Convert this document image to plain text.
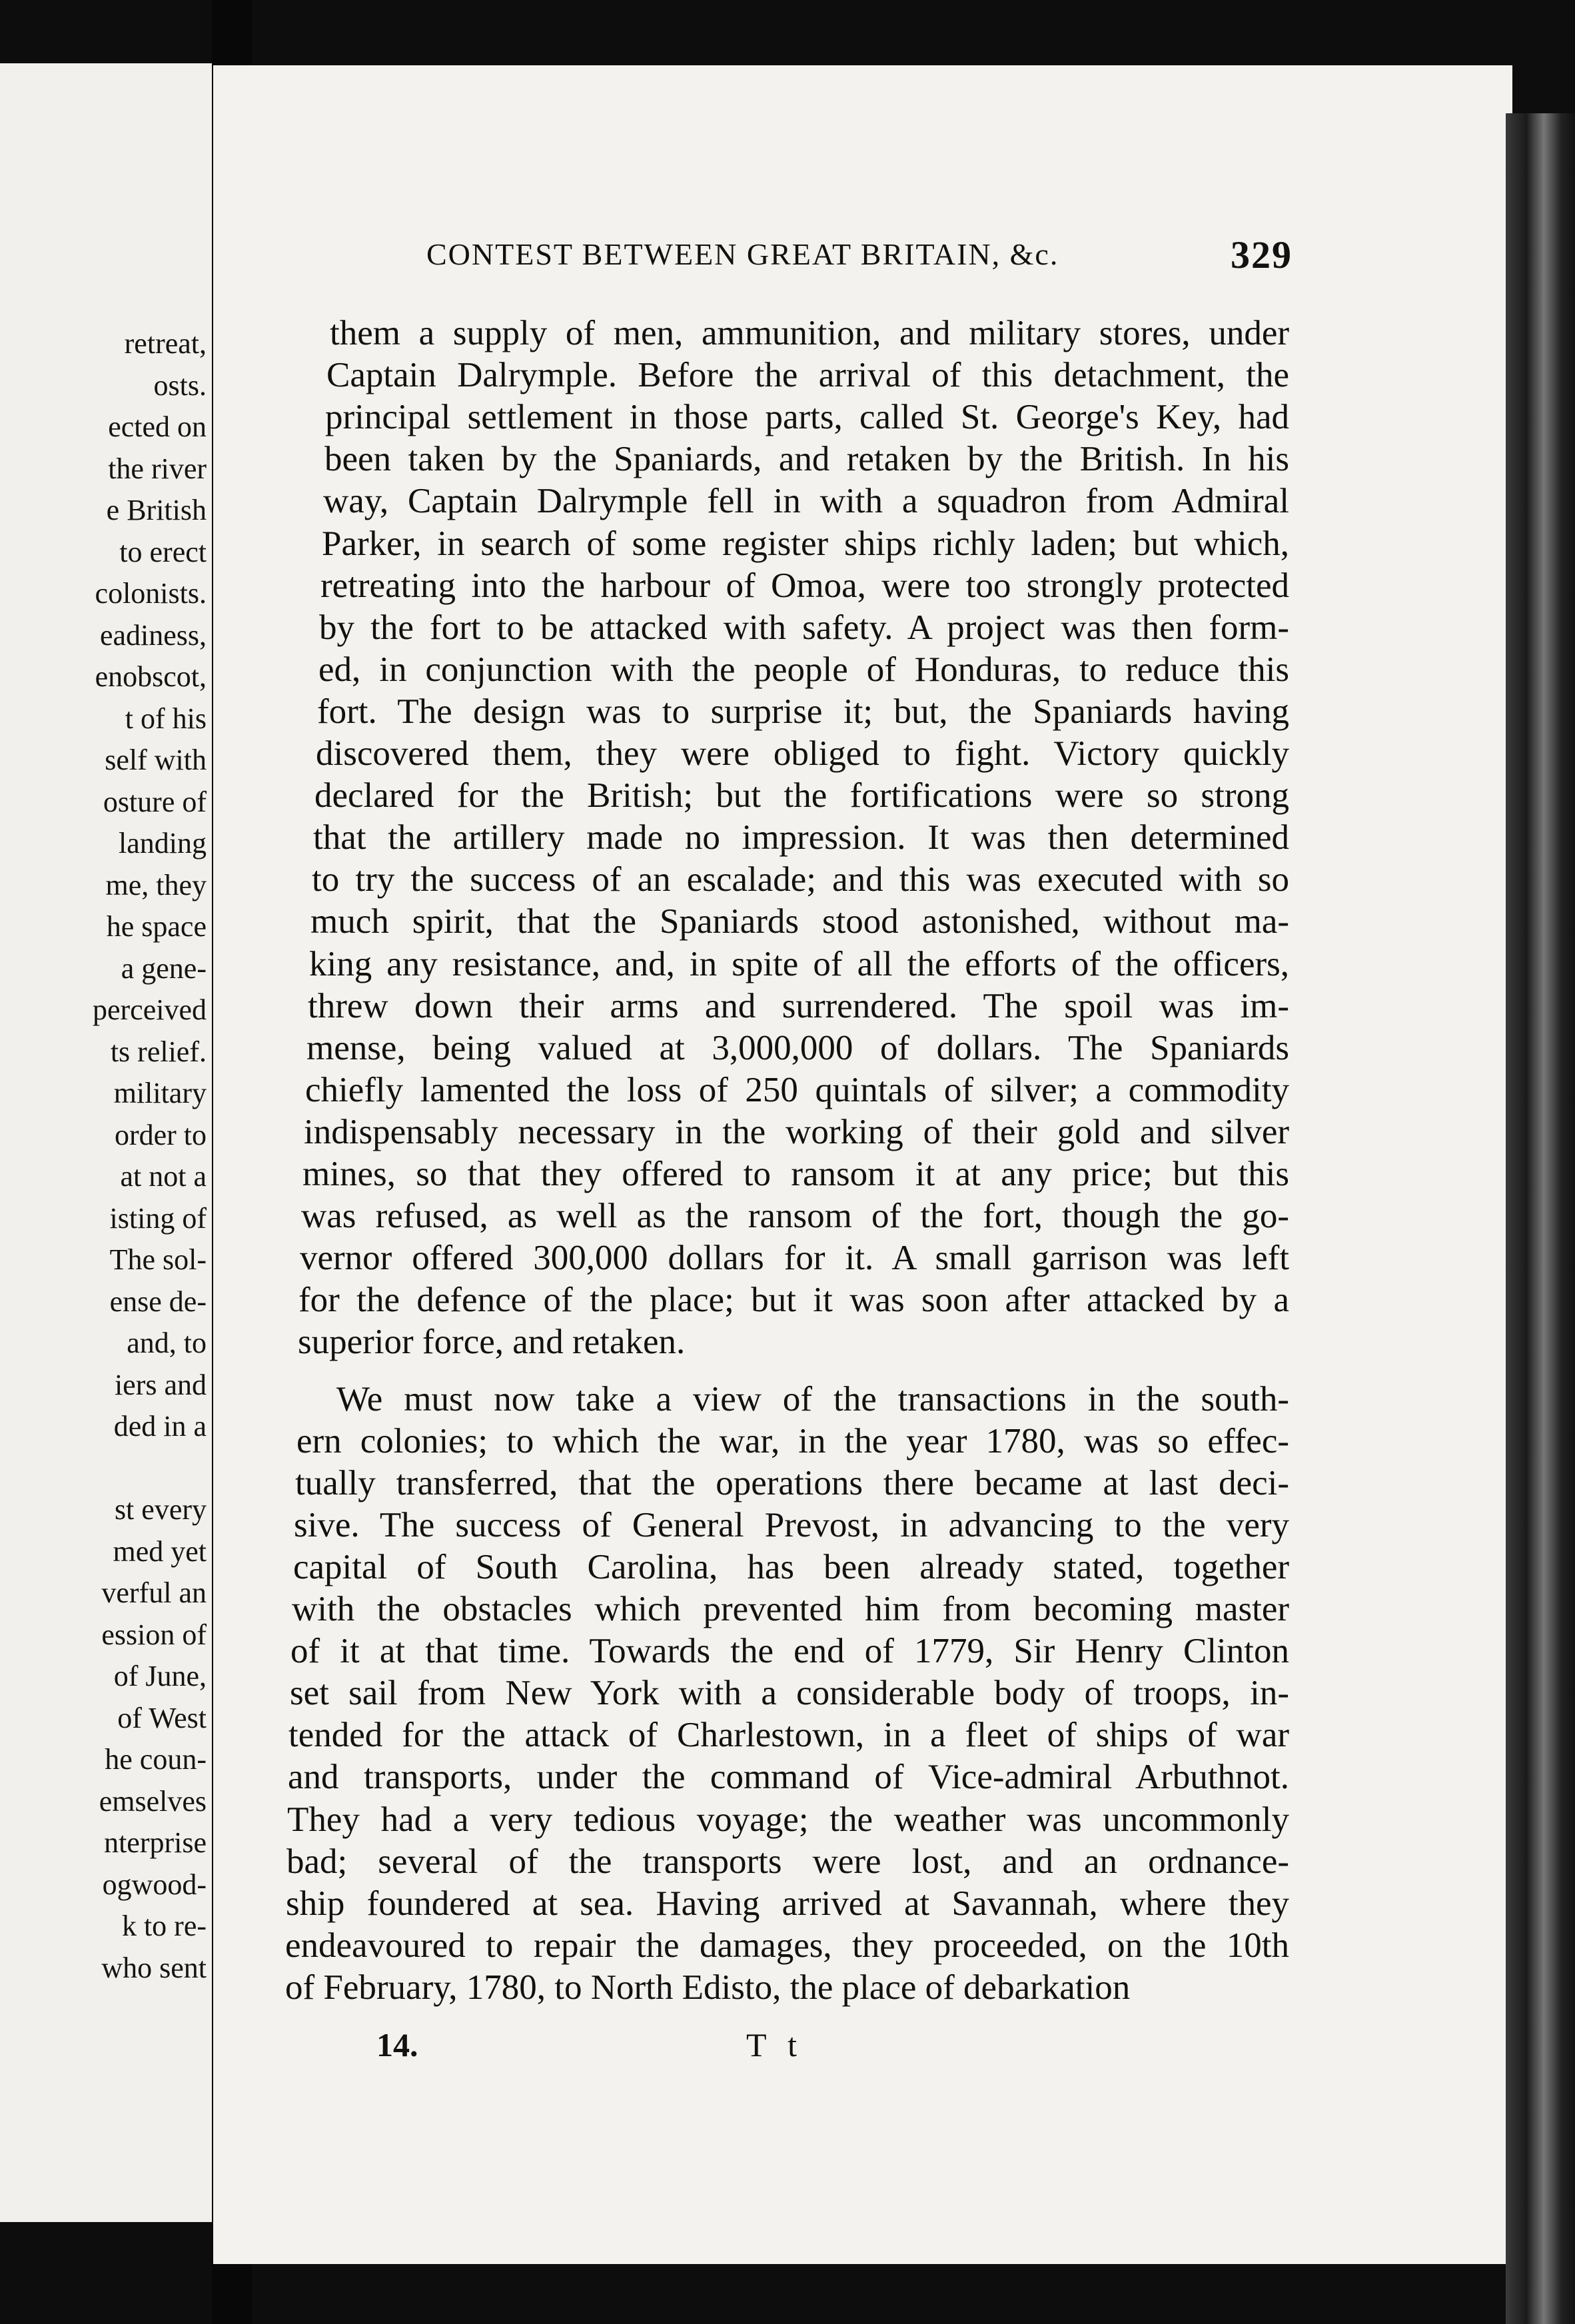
retreat,
osts.
ected on
the river
e British
to erect
colonists.
eadiness,
enobscot,
t of his
self with
osture of
landing
me, they
he space
a gene-
perceived
ts relief.
military
order to
at not a
isting of
The sol-
ense de-
and, to
iers and
ded in a
st every
med yet
verful an
ession of
of June,
of West
he coun-
emselves
nterprise
ogwood-
k to re-
who sent
CONTEST BETWEEN GREAT BRITAIN, &c.	329
them a supply of men, ammunition, and military stores, under
Captain Dalrymple. Before the arrival of this detachment, the
principal settlement in those parts, called St. George's Key, had
been taken by the Spaniards, and retaken by the British. In his
way, Captain Dalrymple fell in with a squadron from Admiral
Parker, in search of some register ships richly laden; but which,
retreating into the harbour of Omoa, were too strongly protected
by the fort to be attacked with safety. A project was then form-
ed, in conjunction with the people of Honduras, to reduce this
fort. The design was to surprise it; but, the Spaniards having
discovered them, they were obliged to fight. Victory quickly
declared for the British; but the fortifications were so strong
that the artillery made no impression. It was then determined
to try the success of an escalade; and this was executed with so
much spirit, that the Spaniards stood astonished, without ma-
king any resistance, and, in spite of all the efforts of the officers,
threw down their arms and surrendered. The spoil was im-
mense, being valued at 3,000,000 of dollars. The Spaniards
chiefly lamented the loss of 250 quintals of silver; a commodity
indispensably necessary in the working of their gold and silver
mines, so that they offered to ransom it at any price; but this
was refused, as well as the ransom of the fort, though the go-
vernor offered 300,000 dollars for it. A small garrison was left
for the defence of the place; but it was soon after attacked by a
superior force, and retaken.
We must now take a view of the transactions in the south-
ern colonies; to which the war, in the year 1780, was so effec-
tually transferred, that the operations there became at last deci-
sive. The success of General Prevost, in advancing to the very
capital of South Carolina, has been already stated, together
with the obstacles which prevented him from becoming master
of it at that time. Towards the end of 1779, Sir Henry Clinton
set sail from New York with a considerable body of troops, in-
tended for the attack of Charlestown, in a fleet of ships of war
and transports, under the command of Vice-admiral Arbuthnot.
They had a very tedious voyage; the weather was uncommonly
bad; several of the transports were lost, and an ordnance-
ship foundered at sea. Having arrived at Savannah, where they
endeavoured to repair the damages, they proceeded, on the 10th
of February, 1780, to North Edisto, the place of debarkation
14.	T t
